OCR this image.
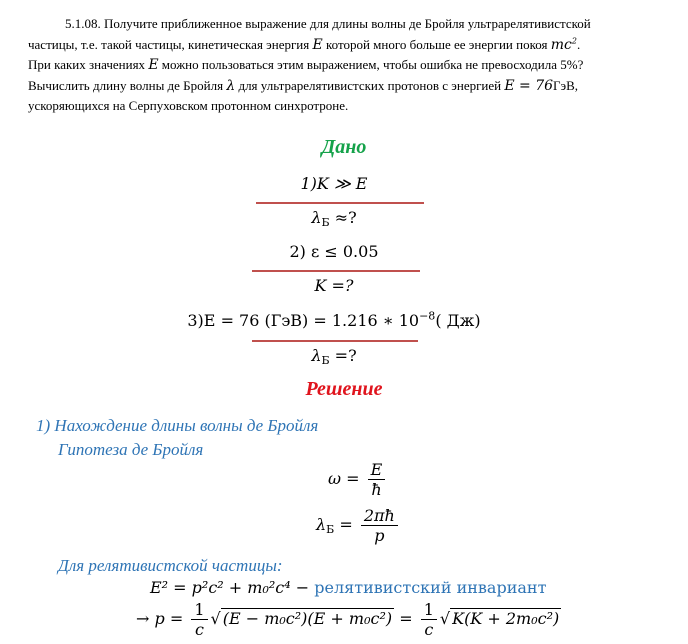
5.1.08. Получите приближенное выражение для длины волны де Бройля ультрарелятивистской

частицы, т.е. такой частицы, кинетическая энергия E которой много больше ее энергии покоя $mc^2$.

При каких значениях E можно пользоваться этим выражением, чтобы ошибка не превосходила 5%?

Вычислить длину волны де Бройля λ для ультрарелятивистских протонов с энергией E = 76ГэВ,

ускоряющихся на Серпуховском протонном синхротроне.

Дано
1)K ≫ E
$\lambda_Б$ ≈?
2) ε ≤ 0.05
K =?
3)E = 76 (ГэВ) = 1.216 ∗ $10^{-8}$( Дж)
$\lambda_Б$ =?
Решение
1) Нахождение длины волны де Бройля
Гипотеза де Бройля
$\omega = \frac{E}{ħ}$
$\lambda_Б = \frac{2\pi ħ}{p}$
Для релятивистской частицы:
E² = p²c² + m₀²c⁴ − релятивистский инвариант
→ $p = \frac{1}{c}$ √ $(E - m_0c^2)(E + m_0c^2) = \frac{1}{c}$ √ K(K + 2m₀c²)
